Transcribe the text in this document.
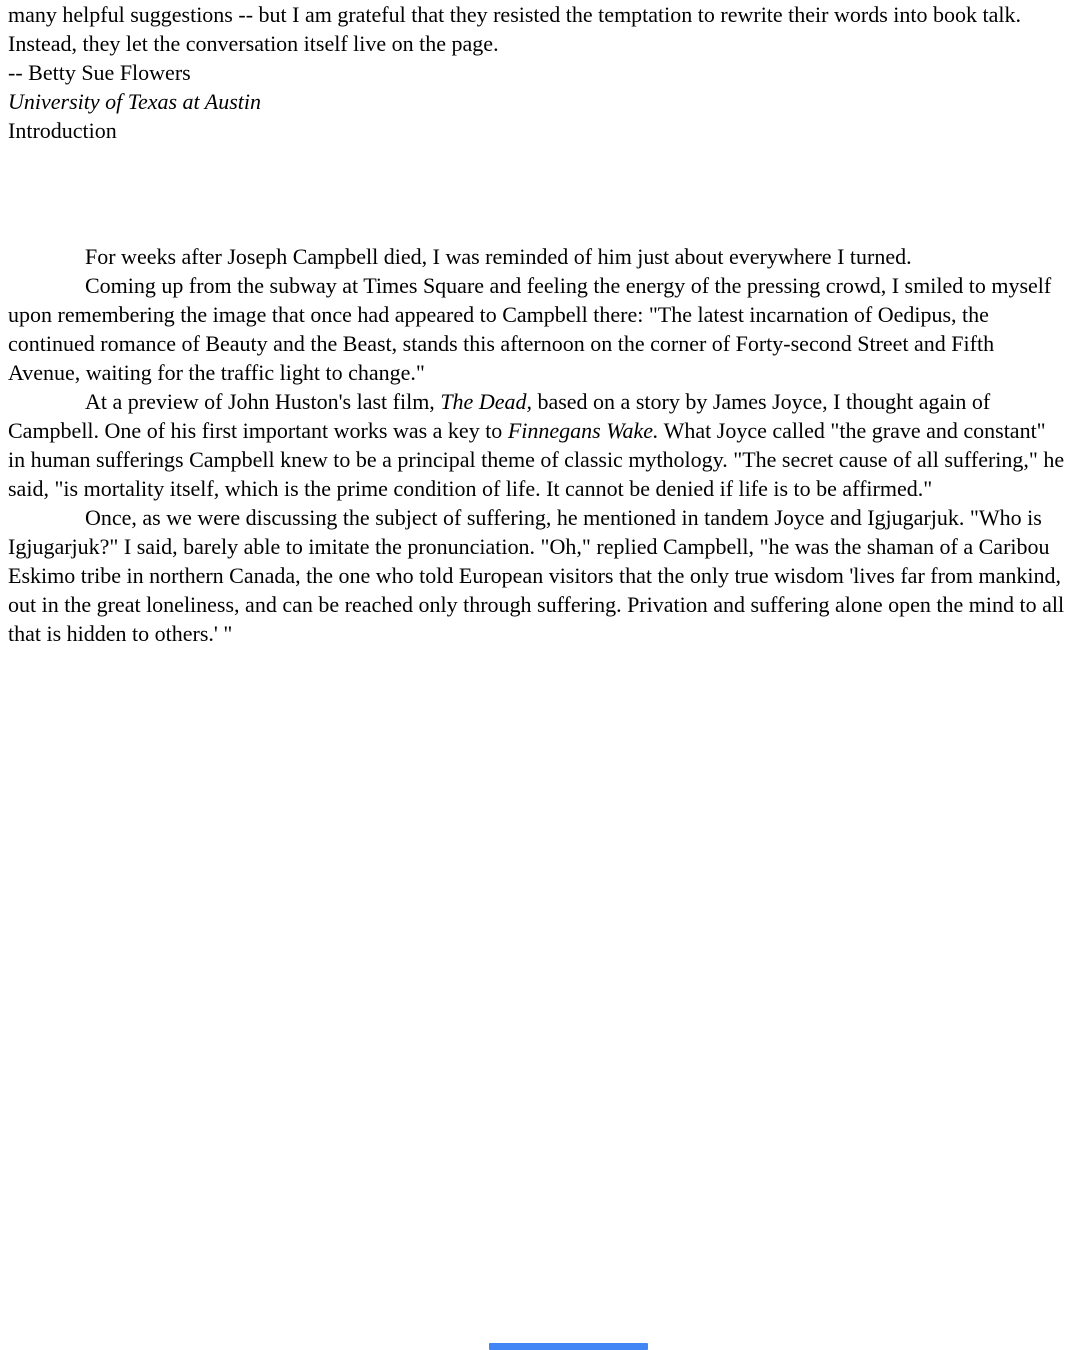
many helpful suggestions -- but I am grateful that they resisted the temptation to rewrite their words into book talk. Instead, they let the conversation itself live on the page.

-- Betty Sue Flowers

University of Texas at Austin

Introduction

For weeks after Joseph Campbell died, I was reminded of him just about everywhere I turned.

Coming up from the subway at Times Square and feeling the energy of the pressing crowd, I smiled to myself upon remembering the image that once had appeared to Campbell there: "The latest incarnation of Oedipus, the continued romance of Beauty and the Beast, stands this afternoon on the corner of Forty-second Street and Fifth Avenue, waiting for the traffic light to change."

At a preview of John Huston's last film, The Dead, based on a story by James Joyce, I thought again of Campbell. One of his first important works was a key to Finnegans Wake. What Joyce called "the grave and constant" in human sufferings Campbell knew to be a principal theme of classic mythology. "The secret cause of all suffering," he said, "is mortality itself, which is the prime condition of life. It cannot be denied if life is to be affirmed."

Once, as we were discussing the subject of suffering, he mentioned in tandem Joyce and Igjugarjuk. "Who is Igjugarjuk?" I said, barely able to imitate the pronunciation. "Oh," replied Campbell, "he was the shaman of a Caribou Eskimo tribe in northern Canada, the one who told European visitors that the only true wisdom 'lives far from mankind, out in the great loneliness, and can be reached only through suffering. Privation and suffering alone open the mind to all that is hidden to others.' "
